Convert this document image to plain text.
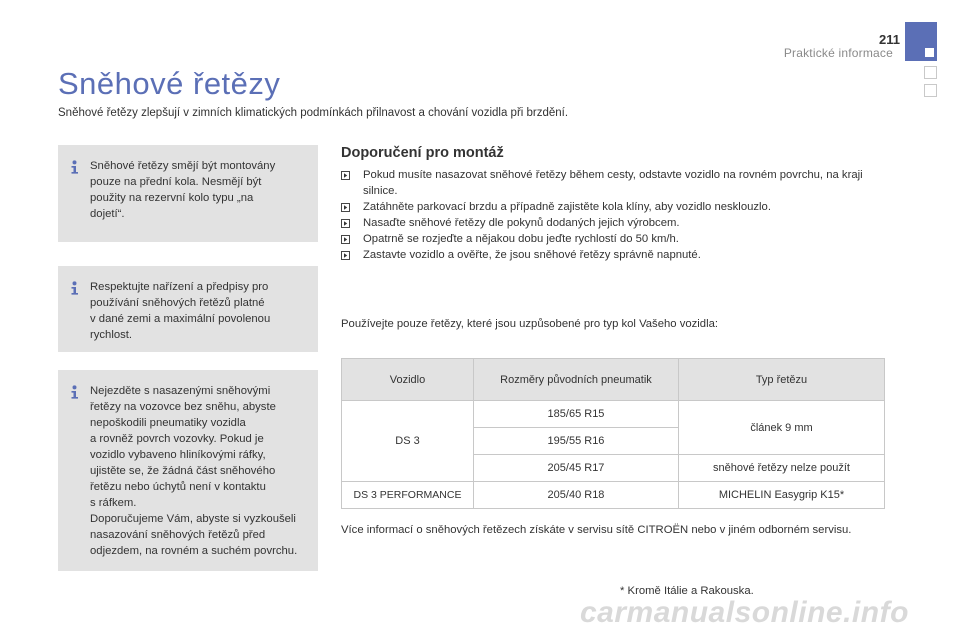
211
Praktické informace
Sněhové řetězy
Sněhové řetězy zlepšují v zimních klimatických podmínkách přilnavost a chování vozidla při brzdění.

Sněhové řetězy smějí být montovány
pouze na přední kola. Nesmějí být
použity na rezervní kolo typu „na
dojetí“.

Respektujte nařízení a předpisy pro
používání sněhových řetězů platné
v dané zemi a maximální povolenou
rychlost.

Nejezděte s nasazenými sněhovými
řetězy na vozovce bez sněhu, abyste
nepoškodili pneumatiky vozidla
a rovněž povrch vozovky. Pokud je
vozidlo vybaveno hliníkovými ráfky,
ujistěte se, že žádná část sněhového
řetězu nebo úchytů není v kontaktu
s ráfkem.
Doporučujeme Vám, abyste si vyzkoušeli
nasazování sněhových řetězů před
odjezdem, na rovném a suchém povrchu.

Doporučení pro montáž
Pokud musíte nasazovat sněhové řetězy během cesty, odstavte vozidlo na rovném povrchu, na kraji silnice.
Zatáhněte parkovací brzdu a případně zajistěte kola klíny, aby vozidlo nesklouzlo.
Nasaďte sněhové řetězy dle pokynů dodaných jejich výrobcem.
Opatrně se rozjeďte a nějakou dobu jeďte rychlostí do 50 km/h.
Zastavte vozidlo a ověřte, že jsou sněhové řetězy správně napnuté.
Používejte pouze řetězy, které jsou uzpůsobené pro typ kol Vašeho vozidla:
Vozidlo	Rozměry původních pneumatik	Typ řetězu
DS 3	185/65 R15	článek 9 mm
	195/55 R16	
	205/45 R17	sněhové řetězy nelze použít
DS 3 PERFORMANCE	205/40 R18	MICHELIN Easygrip K15*
Více informací o sněhových řetězech získáte v servisu sítě CITROËN nebo v jiném odborném servisu.
* Kromě Itálie a Rakouska.
carmanualsonline.info
